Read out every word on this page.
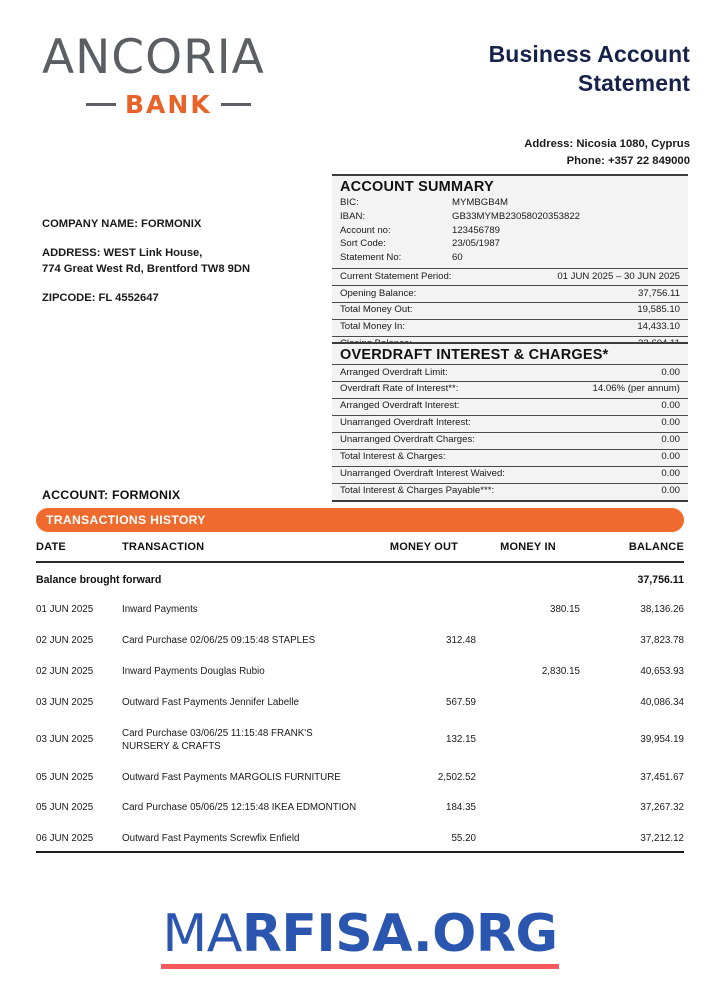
ANCORIA
BANK
Business Account
Statement
Address: Nicosia 1080, Cyprus
Phone: +357 22 849000
COMPANY NAME: FORMONIX
ADDRESS: WEST Link House,
774 Great West Rd, Brentford TW8 9DN
ZIPCODE: FL 4552647
ACCOUNT SUMMARY
BIC:	MYMBGB4M
IBAN:	GB33MYMB23058020353822
Account no:	123456789
Sort Code:	23/05/1987
Statement No:	60
Current Statement Period:	01 JUN 2025 – 30 JUN 2025
Opening Balance:	37,756.11
Total Money Out:	19,585.10
Total Money In:	14,433.10
OVERDRAFT INTEREST & CHARGES*
Arranged Overdraft Limit:	0.00
Overdraft Rate of Interest**:	14.06% (per annum)
Arranged Overdraft Interest:	0.00
Unarranged Overdraft Interest:	0.00
Unarranged Overdraft Charges:	0.00
Total Interest & Charges:	0.00
Unarranged Overdraft Interest Waived:	0.00
Total Interest & Charges Payable***:	0.00
ACCOUNT: FORMONIX
TRANSACTIONS HISTORY
DATE	TRANSACTION	MONEY OUT	MONEY IN	BALANCE
Balance brought forward				37,756.11
01 JUN 2025	Inward Payments		380.15	38,136.26
02 JUN 2025	Card Purchase 02/06/25 09:15:48 STAPLES	312.48		37,823.78
02 JUN 2025	Inward Payments Douglas Rubio		2,830.15	40,653.93
03 JUN 2025	Outward Fast Payments Jennifer Labelle	567.59		40,086.34
03 JUN 2025	Card Purchase 03/06/25 11:15:48 FRANK'S NURSERY & CRAFTS	132.15		39,954.19
05 JUN 2025	Outward Fast Payments MARGOLIS FURNITURE	2,502.52		37,451.67
05 JUN 2025	Card Purchase 05/06/25 12:15:48 IKEA EDMONTION	184.35		37,267.32
06 JUN 2025	Outward Fast Payments Screwfix Enfield	55.20		37,212.12
MARFISA.ORG
